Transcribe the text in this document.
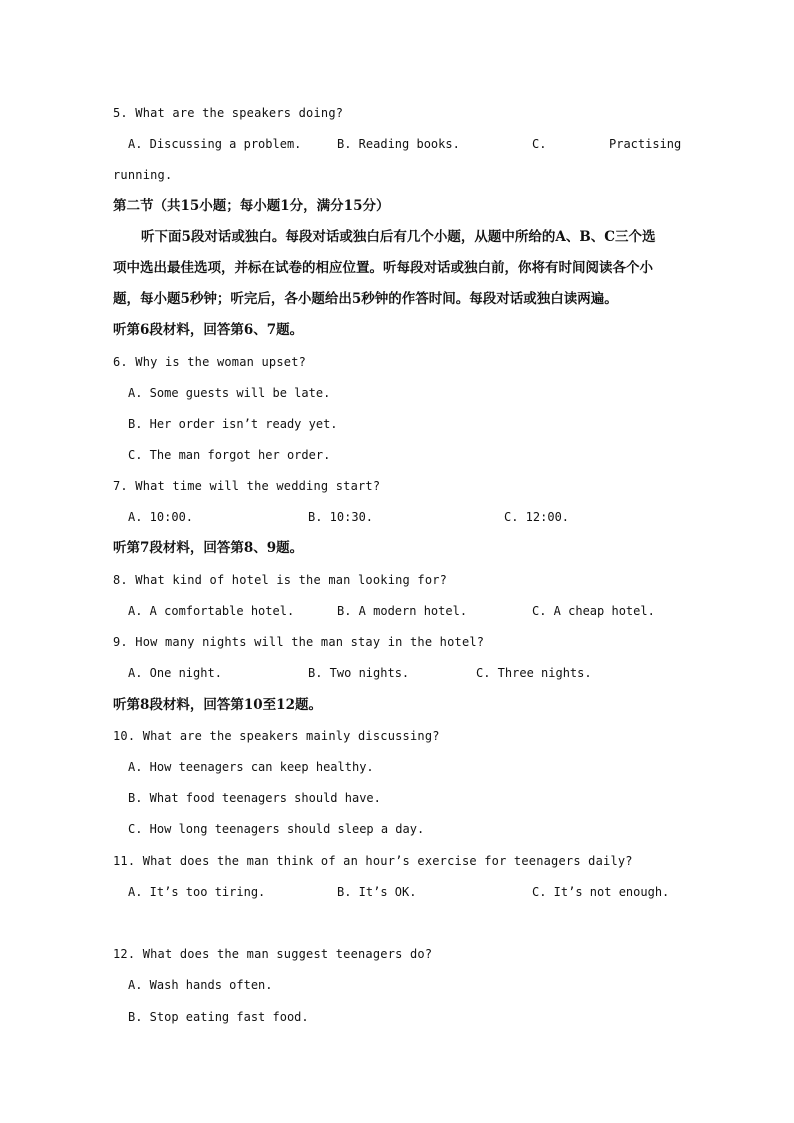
5. What are the speakers doing?
A. Discussing a problem.	B. Reading books.	C.	Practising
running.
第二节（共15小题；每小题1分，满分15分）
听下面5段对话或独白。每段对话或独白后有几个小题，从题中所给的A、B、C三个选
项中选出最佳选项，并标在试卷的相应位置。听每段对话或独白前，你将有时间阅读各个小
题，每小题5秒钟；听完后，各小题给出5秒钟的作答时间。每段对话或独白读两遍。
听第6段材料，回答第6、7题。
6. Why is the woman upset?
A. Some guests will be late.
B. Her order isn’t ready yet.
C. The man forgot her order.
7. What time will the wedding start?
A. 10:00.	B. 10:30.	C. 12:00.
听第7段材料，回答第8、9题。
8. What kind of hotel is the man looking for?
A. A comfortable hotel.	B. A modern hotel.	C. A cheap hotel.
9. How many nights will the man stay in the hotel?
A. One night.	B. Two nights.	C. Three nights.
听第8段材料，回答第10至12题。
10. What are the speakers mainly discussing?
A. How teenagers can keep healthy.
B. What food teenagers should have.
C. How long teenagers should sleep a day.
11. What does the man think of an hour’s exercise for teenagers daily?
A. It’s too tiring.	B. It’s OK.	C. It’s not enough.
12. What does the man suggest teenagers do?
A. Wash hands often.
B. Stop eating fast food.
